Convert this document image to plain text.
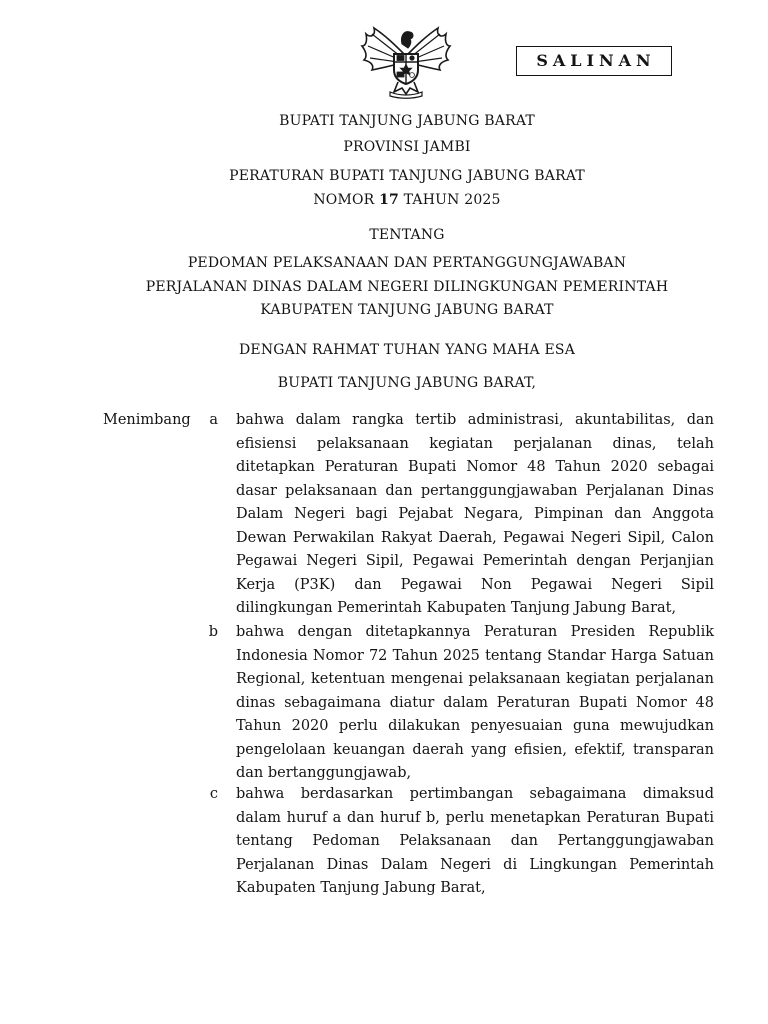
SALINAN
BUPATI TANJUNG JABUNG BARAT
PROVINSI JAMBI
PERATURAN BUPATI TANJUNG JABUNG BARAT
NOMOR 17 TAHUN 2025
TENTANG
PEDOMAN PELAKSANAAN DAN PERTANGGUNGJAWABAN
PERJALANAN DINAS DALAM NEGERI DILINGKUNGAN PEMERINTAH
KABUPATEN TANJUNG JABUNG BARAT
DENGAN RAHMAT TUHAN YANG MAHA ESA
BUPATI TANJUNG JABUNG BARAT,
Menimbang	a bahwa dalam rangka tertib administrasi, akuntabilitas, dan efisiensi pelaksanaan kegiatan perjalanan dinas, telah ditetapkan Peraturan Bupati Nomor 48 Tahun 2020 sebagai dasar pelaksanaan dan pertanggungjawaban Perjalanan Dinas Dalam Negeri bagi Pejabat Negara, Pimpinan dan Anggota Dewan Perwakilan Rakyat Daerah, Pegawai Negeri Sipil, Calon Pegawai Negeri Sipil, Pegawai Pemerintah dengan Perjanjian Kerja (P3K) dan Pegawai Non Pegawai Negeri Sipil dilingkungan Pemerintah Kabupaten Tanjung Jabung Barat,

b bahwa dengan ditetapkannya Peraturan Presiden Republik Indonesia Nomor 72 Tahun 2025 tentang Standar Harga Satuan Regional, ketentuan mengenai pelaksanaan kegiatan perjalanan dinas sebagaimana diatur dalam Peraturan Bupati Nomor 48 Tahun 2020 perlu dilakukan penyesuaian guna mewujudkan pengelolaan keuangan daerah yang efisien, efektif, transparan dan bertanggungjawab,

c bahwa berdasarkan pertimbangan sebagaimana dimaksud dalam huruf a dan huruf b, perlu menetapkan Peraturan Bupati tentang Pedoman Pelaksanaan dan Pertanggungjawaban Perjalanan Dinas Dalam Negeri di Lingkungan Pemerintah Kabupaten Tanjung Jabung Barat,
